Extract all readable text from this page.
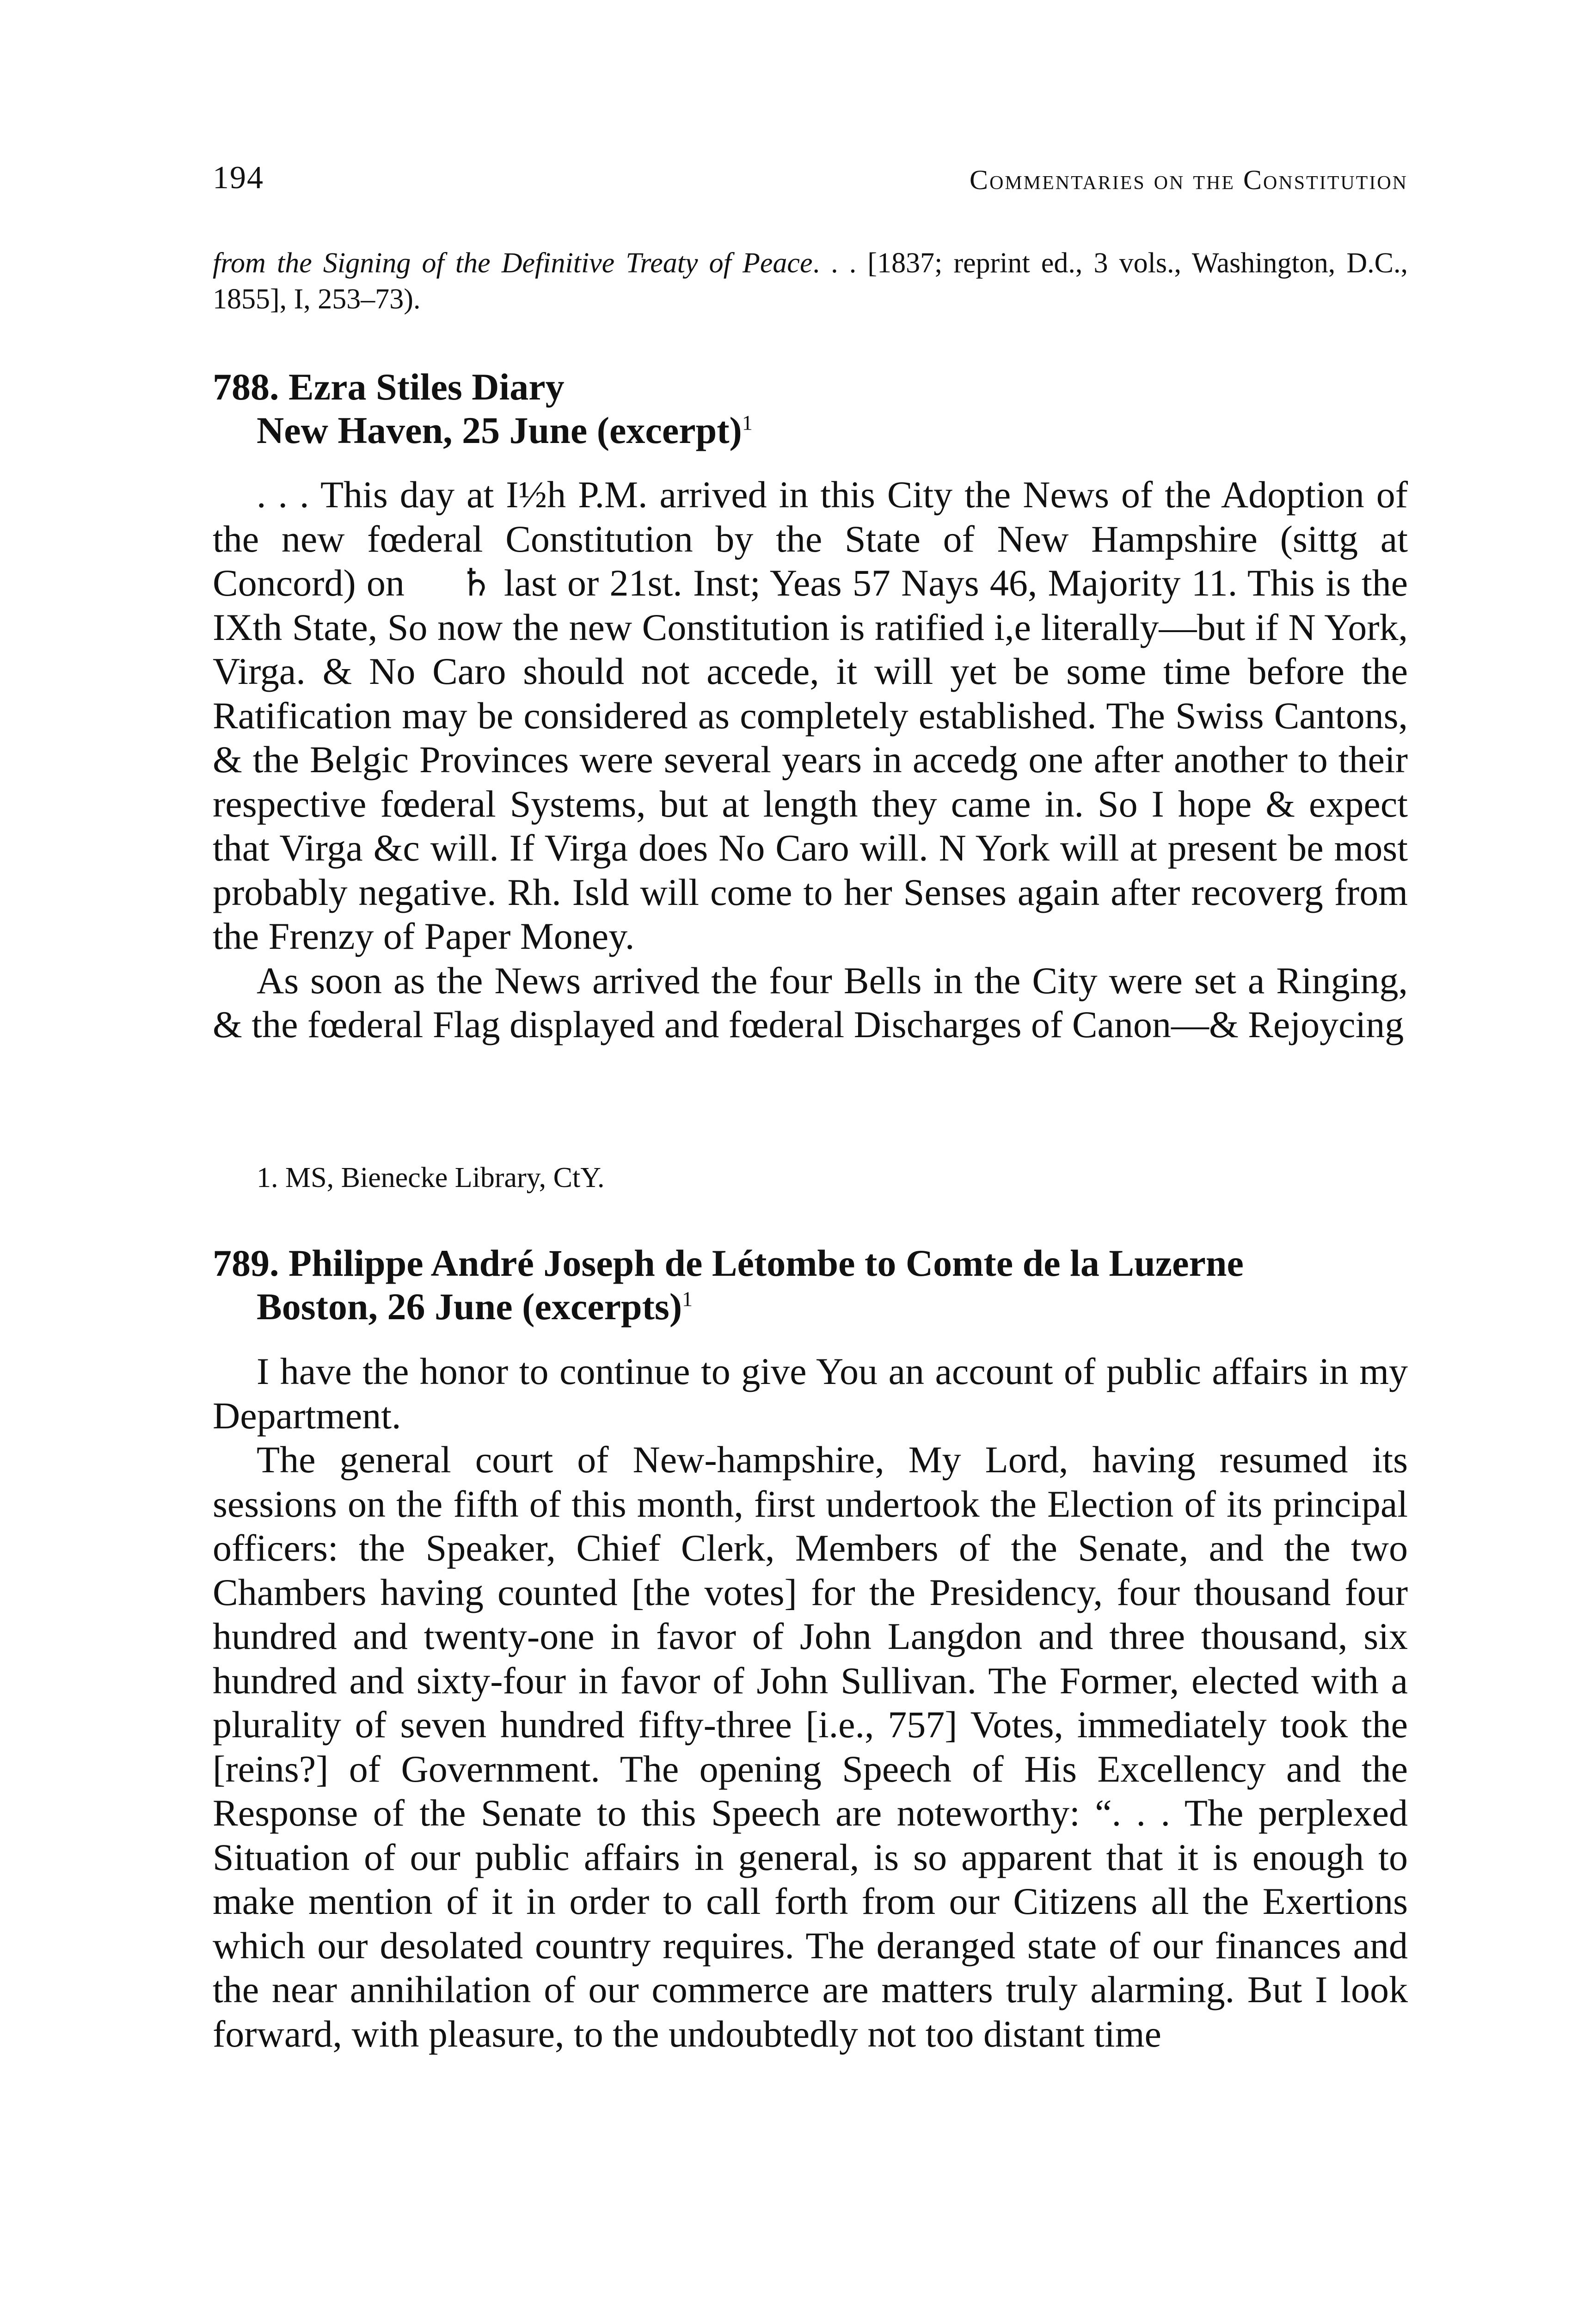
194	Commentaries on the Constitution
from the Signing of the Definitive Treaty of Peace. . . [1837; reprint ed., 3 vols., Washington, D.C., 1855], I, 253–73).
788. Ezra Stiles Diary
New Haven, 25 June (excerpt)$^1$

. . . This day at I½h P.M. arrived in this City the News of the Adoption of the new fœderal Constitution by the State of New Hampshire (sittg at Concord) on ♄ last or 21st. Inst; Yeas 57 Nays 46, Majority 11. This is the IXth State, So now the new Constitution is ratified i,e literally—but if N York, Virga. & No Caro should not accede, it will yet be some time before the Ratification may be considered as completely established. The Swiss Cantons, & the Belgic Provinces were several years in accedg one after another to their respective fœderal Systems, but at length they came in. So I hope & expect that Virga &c will. If Virga does No Caro will. N York will at present be most probably negative. Rh. Isld will come to her Senses again after recoverg from the Frenzy of Paper Money.

As soon as the News arrived the four Bells in the City were set a Ringing, & the fœderal Flag displayed and fœderal Discharges of Canon—& Rejoycing

1. MS, Bienecke Library, CtY.
789. Philippe André Joseph de Létombe to Comte de la Luzerne
Boston, 26 June (excerpts)$^1$

I have the honor to continue to give You an account of public affairs in my Department.

The general court of New-hampshire, My Lord, having resumed its sessions on the fifth of this month, first undertook the Election of its principal officers: the Speaker, Chief Clerk, Members of the Senate, and the two Chambers having counted [the votes] for the Presidency, four thousand four hundred and twenty-one in favor of John Langdon and three thousand, six hundred and sixty-four in favor of John Sullivan. The Former, elected with a plurality of seven hundred fifty-three [i.e., 757] Votes, immediately took the [reins?] of Government. The opening Speech of His Excellency and the Response of the Senate to this Speech are noteworthy: “. . . The perplexed Situation of our public affairs in general, is so apparent that it is enough to make mention of it in order to call forth from our Citizens all the Exertions which our desolated country requires. The deranged state of our finances and the near annihilation of our commerce are matters truly alarming. But I look forward, with pleasure, to the undoubtedly not too distant time
